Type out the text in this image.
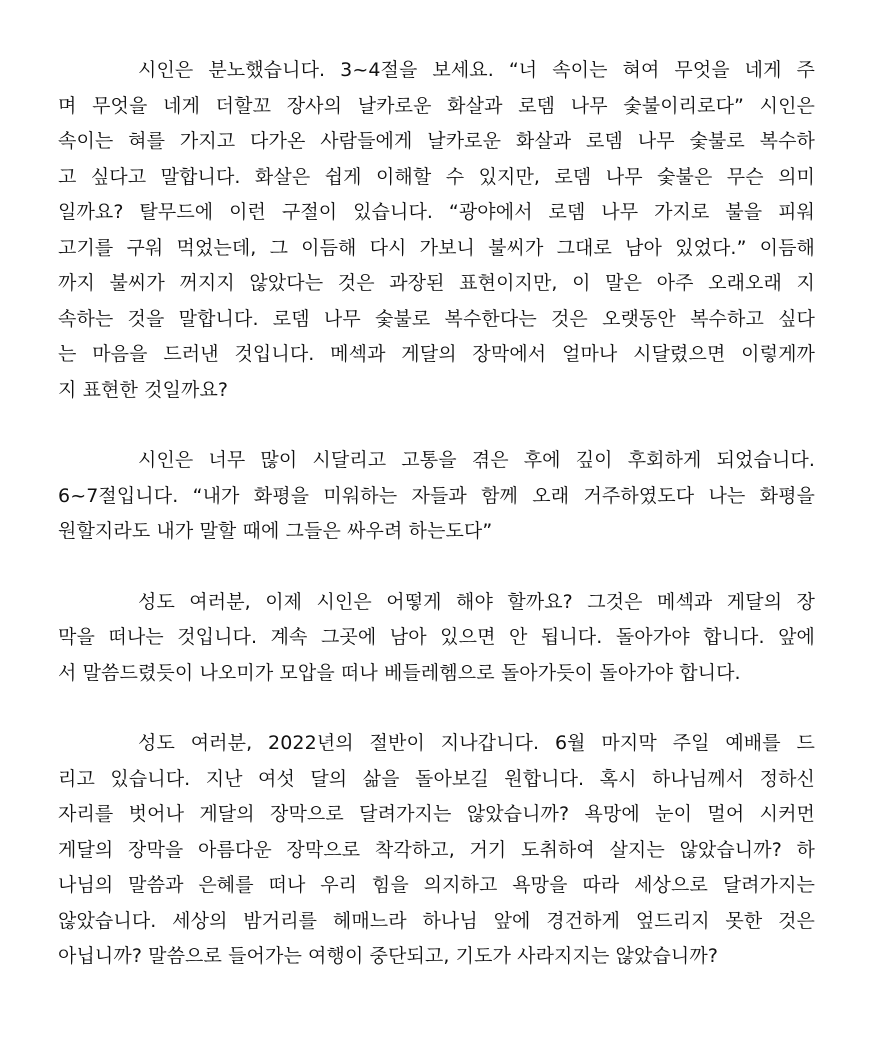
시인은 분노했습니다. 3~4절을 보세요. “너 속이는 혀여 무엇을 네게 주
며 무엇을 네게 더할꼬 장사의 날카로운 화살과 로뎀 나무 숯불이리로다” 시인은
속이는 혀를 가지고 다가온 사람들에게 날카로운 화살과 로뎀 나무 숯불로 복수하
고 싶다고 말합니다. 화살은 쉽게 이해할 수 있지만, 로뎀 나무 숯불은 무슨 의미
일까요? 탈무드에 이런 구절이 있습니다. “광야에서 로뎀 나무 가지로 불을 피워
고기를 구워 먹었는데, 그 이듬해 다시 가보니 불씨가 그대로 남아 있었다.” 이듬해
까지 불씨가 꺼지지 않았다는 것은 과장된 표현이지만, 이 말은 아주 오래오래 지
속하는 것을 말합니다. 로뎀 나무 숯불로 복수한다는 것은 오랫동안 복수하고 싶다
는 마음을 드러낸 것입니다. 메섹과 게달의 장막에서 얼마나 시달렸으면 이렇게까
지 표현한 것일까요?
시인은 너무 많이 시달리고 고통을 겪은 후에 깊이 후회하게 되었습니다.
6~7절입니다. “내가 화평을 미워하는 자들과 함께 오래 거주하였도다 나는 화평을
원할지라도 내가 말할 때에 그들은 싸우려 하는도다”
성도 여러분, 이제 시인은 어떻게 해야 할까요? 그것은 메섹과 게달의 장
막을 떠나는 것입니다. 계속 그곳에 남아 있으면 안 됩니다. 돌아가야 합니다. 앞에
서 말씀드렸듯이 나오미가 모압을 떠나 베들레헴으로 돌아가듯이 돌아가야 합니다.
성도 여러분, 2022년의 절반이 지나갑니다. 6월 마지막 주일 예배를 드
리고 있습니다. 지난 여섯 달의 삶을 돌아보길 원합니다. 혹시 하나님께서 정하신
자리를 벗어나 게달의 장막으로 달려가지는 않았습니까? 욕망에 눈이 멀어 시커먼
게달의 장막을 아름다운 장막으로 착각하고, 거기 도취하여 살지는 않았습니까? 하
나님의 말씀과 은혜를 떠나 우리 힘을 의지하고 욕망을 따라 세상으로 달려가지는
않았습니다. 세상의 밤거리를 헤매느라 하나님 앞에 경건하게 엎드리지 못한 것은
아닙니까? 말씀으로 들어가는 여행이 중단되고, 기도가 사라지지는 않았습니까?
